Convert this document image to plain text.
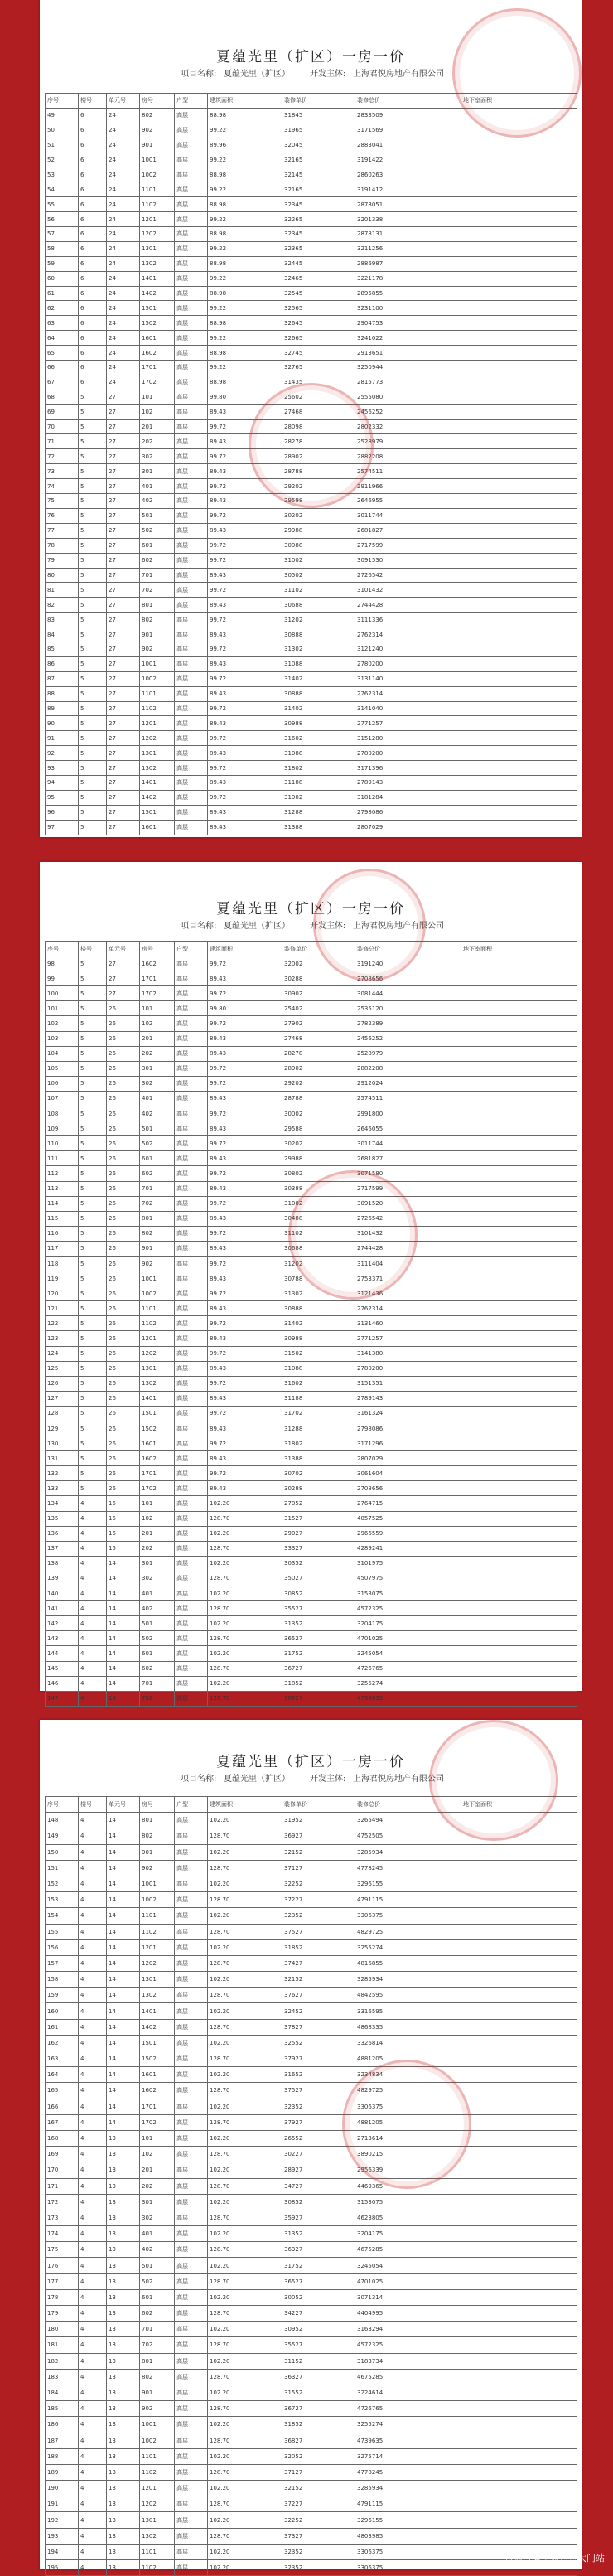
夏蕴光里（扩区）一房一价
项目名称: 夏蕴光里（扩区） 开发主体: 上海君悦房地产有限公司
序号	楼号	单元号	房号	户型	建筑面积	装修单价	装修总价	地下室面积
49	6	24	802	高层	88.98	31845	2833509	
50	6	24	902	高层	99.22	31965	3171569	
51	6	24	901	高层	89.96	32045	2883041	
52	6	24	1001	高层	99.22	32165	3191422	
53	6	24	1002	高层	88.98	32145	2860263	
54	6	24	1101	高层	99.22	32165	3191412	
55	6	24	1102	高层	88.98	32345	2878051	
56	6	24	1201	高层	99.22	32265	3201338	
57	6	24	1202	高层	88.98	32345	2878131	
58	6	24	1301	高层	99.22	32365	3211256	
59	6	24	1302	高层	88.98	32445	2886987	
60	6	24	1401	高层	99.22	32465	3221178	
61	6	24	1402	高层	88.98	32545	2895855	
62	6	24	1501	高层	99.22	32565	3231100	
63	6	24	1502	高层	88.98	32645	2904753	
64	6	24	1601	高层	99.22	32665	3241022	
65	6	24	1602	高层	88.98	32745	2913651	
66	6	24	1701	高层	99.22	32765	3250944	
67	6	24	1702	高层	88.98	31435	2815773	
68	5	27	101	高层	99.80	25602	2555080	
69	5	27	102	高层	89.43	27468	2456252	
70	5	27	201	高层	99.72	28098	2802332	
71	5	27	202	高层	89.43	28278	2528979	
72	5	27	302	高层	99.72	28902	2882208	
73	5	27	301	高层	89.43	28788	2574511	
74	5	27	401	高层	99.72	29202	2911966	
75	5	27	402	高层	89.43	29598	2646955	
76	5	27	501	高层	99.72	30202	3011744	
77	5	27	502	高层	89.43	29988	2681827	
78	5	27	601	高层	99.72	30988	2717599	
79	5	27	602	高层	99.72	31002	3091530	
80	5	27	701	高层	89.43	30502	2726542	
81	5	27	702	高层	99.72	31102	3101432	
82	5	27	801	高层	89.43	30688	2744428	
83	5	27	802	高层	99.72	31202	3111336	
84	5	27	901	高层	89.43	30888	2762314	
85	5	27	902	高层	99.72	31302	3121240	
86	5	27	1001	高层	89.43	31088	2780200	
87	5	27	1002	高层	99.72	31402	3131140	
88	5	27	1101	高层	89.43	30888	2762314	
89	5	27	1102	高层	99.72	31402	3141040	
90	5	27	1201	高层	89.43	30988	2771257	
91	5	27	1202	高层	99.72	31602	3151280	
92	5	27	1301	高层	89.43	31088	2780200	
93	5	27	1302	高层	99.72	31802	3171396	
94	5	27	1401	高层	89.43	31188	2789143	
95	5	27	1402	高层	99.72	31902	3181284	
96	5	27	1501	高层	89.43	31288	2798086	
97	5	27	1601	高层	89.43	31388	2807029	
夏蕴光里（扩区）一房一价
项目名称: 夏蕴光里（扩区） 开发主体: 上海君悦房地产有限公司
序号	楼号	单元号	房号	户型	建筑面积	装修单价	装修总价	地下室面积
98	5	27	1602	高层	99.72	32002	3191240	
99	5	27	1701	高层	89.43	30288	2708656	
100	5	27	1702	高层	99.72	30902	3081444	
101	5	26	101	高层	99.80	25402	2535120	
102	5	26	102	高层	99.72	27902	2782389	
103	5	26	201	高层	89.43	27468	2456252	
104	5	26	202	高层	89.43	28278	2528979	
105	5	26	301	高层	99.72	28902	2882208	
106	5	26	302	高层	99.72	29202	2912024	
107	5	26	401	高层	89.43	28788	2574511	
108	5	26	402	高层	99.72	30002	2991800	
109	5	26	501	高层	89.43	29588	2646055	
110	5	26	502	高层	99.72	30202	3011744	
111	5	26	601	高层	89.43	29988	2681827	
112	5	26	602	高层	99.72	30802	3071580	
113	5	26	701	高层	89.43	30388	2717599	
114	5	26	702	高层	99.72	31002	3091520	
115	5	26	801	高层	89.43	30488	2726542	
116	5	26	802	高层	99.72	31102	3101432	
117	5	26	901	高层	89.43	30688	2744428	
118	5	26	902	高层	99.72	31202	3111404	
119	5	26	1001	高层	89.43	30788	2753371	
120	5	26	1002	高层	99.72	31302	3121436	
121	5	26	1101	高层	89.43	30888	2762314	
122	5	26	1102	高层	99.72	31402	3131460	
123	5	26	1201	高层	89.43	30988	2771257	
124	5	26	1202	高层	99.72	31502	3141380	
125	5	26	1301	高层	89.43	31088	2780200	
126	5	26	1302	高层	99.72	31602	3151351	
127	5	26	1401	高层	89.43	31188	2789143	
128	5	26	1501	高层	99.72	31702	3161324	
129	5	26	1502	高层	89.43	31288	2798086	
130	5	26	1601	高层	99.72	31802	3171296	
131	5	26	1602	高层	89.43	31388	2807029	
132	5	26	1701	高层	99.72	30702	3061604	
133	5	26	1702	高层	89.43	30288	2708656	
134	4	15	101	高层	102.20	27052	2764715	
135	4	15	102	高层	128.70	31527	4057525	
136	4	15	201	高层	102.20	29027	2966559	
137	4	15	202	高层	128.70	33327	4289241	
138	4	14	301	高层	102.20	30352	3101975	
139	4	14	302	高层	128.70	35027	4507975	
140	4	14	401	高层	102.20	30852	3153075	
141	4	14	402	高层	128.70	35527	4572325	
142	4	14	501	高层	102.20	31352	3204175	
143	4	14	502	高层	128.70	36527	4701025	
144	4	14	601	高层	102.20	31752	3245054	
145	4	14	602	高层	128.70	36727	4726765	
146	4	14	701	高层	102.20	31852	3255274	
147	4	14	702	高层	128.70	36827	4739635	
夏蕴光里（扩区）一房一价
项目名称: 夏蕴光里（扩区） 开发主体: 上海君悦房地产有限公司
序号	楼号	单元号	房号	户型	建筑面积	装修单价	装修总价	地下室面积
148	4	14	801	高层	102.20	31952	3265494	
149	4	14	802	高层	128.70	36927	4752505	
150	4	14	901	高层	102.20	32152	3285934	
151	4	14	902	高层	128.70	37127	4778245	
152	4	14	1001	高层	102.20	32252	3296155	
153	4	14	1002	高层	128.70	37227	4791115	
154	4	14	1101	高层	102.20	32352	3306375	
155	4	14	1102	高层	128.70	37527	4829725	
156	4	14	1201	高层	102.20	31852	3255274	
157	4	14	1202	高层	128.70	37427	4816855	
158	4	14	1301	高层	102.20	32152	3285934	
159	4	14	1302	高层	128.70	37627	4842595	
160	4	14	1401	高层	102.20	32452	3316595	
161	4	14	1402	高层	128.70	37827	4868335	
162	4	14	1501	高层	102.20	32552	3326814	
163	4	14	1502	高层	128.70	37927	4881205	
164	4	14	1601	高层	102.20	31652	3234834	
165	4	14	1602	高层	128.70	37527	4829725	
166	4	14	1701	高层	102.20	32352	3306375	
167	4	14	1702	高层	128.70	37927	4881205	
168	4	13	101	高层	102.20	26552	2713614	
169	4	13	102	高层	128.70	30227	3890215	
170	4	13	201	高层	102.20	28927	2956339	
171	4	13	202	高层	128.70	34727	4469365	
172	4	13	301	高层	102.20	30852	3153075	
173	4	13	302	高层	128.70	35927	4623805	
174	4	13	401	高层	102.20	31352	3204175	
175	4	13	402	高层	128.70	36327	4675285	
176	4	13	501	高层	102.20	31752	3245054	
177	4	13	502	高层	128.70	36527	4701025	
178	4	13	601	高层	102.20	30052	3071314	
179	4	13	602	高层	128.70	34227	4404995	
180	4	13	701	高层	102.20	30952	3163294	
181	4	13	702	高层	128.70	35527	4572325	
182	4	13	801	高层	102.20	31152	3183734	
183	4	13	802	高层	128.70	36327	4675285	
184	4	13	901	高层	102.20	31552	3224614	
185	4	13	902	高层	128.70	36727	4726765	
186	4	13	1001	高层	102.20	31852	3255274	
187	4	13	1002	高层	128.70	36827	4739635	
188	4	13	1101	高层	102.20	32052	3275714	
189	4	13	1102	高层	128.70	37127	4778245	
190	4	13	1201	高层	102.20	32152	3285934	
191	4	13	1202	高层	128.70	37227	4791115	
192	4	13	1301	高层	102.20	32252	3296155	
193	4	13	1302	高层	128.70	37327	4803985	
194	4	13	1101	高层	102.20	32352	3306375	
195	4	13	1102	高层	102.20	32352	3306375	
搜狐号@搜狐焦点大门站
